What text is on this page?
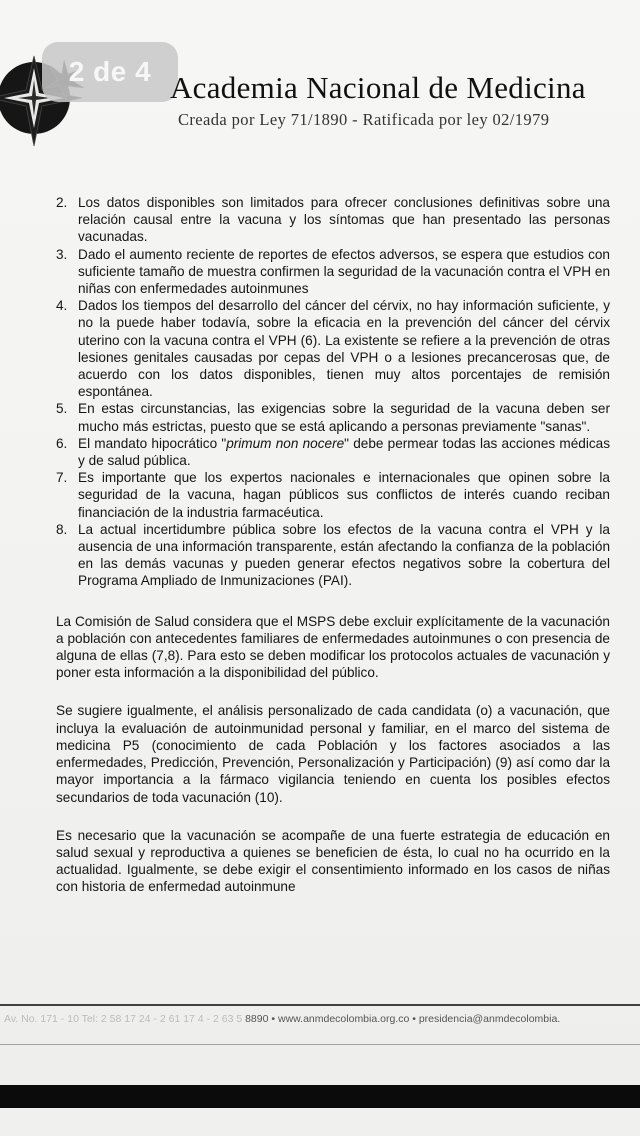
2 de 4 Academia Nacional de Medicina
Creada por Ley 71/1890 - Ratificada por ley 02/1979
2. Los datos disponibles son limitados para ofrecer conclusiones definitivas sobre una relación causal entre la vacuna y los síntomas que han presentado las personas vacunadas.
3. Dado el aumento reciente de reportes de efectos adversos, se espera que estudios con suficiente tamaño de muestra confirmen la seguridad de la vacunación contra el VPH en niñas con enfermedades autoinmunes
4. Dados los tiempos del desarrollo del cáncer del cérvix, no hay información suficiente, y no la puede haber todavía, sobre la eficacia en la prevención del cáncer del cérvix uterino con la vacuna contra el VPH (6). La existente se refiere a la prevención de otras lesiones genitales causadas por cepas del VPH o a lesiones precancerosas que, de acuerdo con los datos disponibles, tienen muy altos porcentajes de remisión espontánea.
5. En estas circunstancias, las exigencias sobre la seguridad de la vacuna deben ser mucho más estrictas, puesto que se está aplicando a personas previamente "sanas".
6. El mandato hipocrático "primum non nocere" debe permear todas las acciones médicas y de salud pública.
7. Es importante que los expertos nacionales e internacionales que opinen sobre la seguridad de la vacuna, hagan públicos sus conflictos de interés cuando reciban financiación de la industria farmacéutica.
8. La actual incertidumbre pública sobre los efectos de la vacuna contra el VPH y la ausencia de una información transparente, están afectando la confianza de la población en las demás vacunas y pueden generar efectos negativos sobre la cobertura del Programa Ampliado de Inmunizaciones (PAI).

La Comisión de Salud considera que el MSPS debe excluir explícitamente de la vacunación a población con antecedentes familiares de enfermedades autoinmunes o con presencia de alguna de ellas (7,8). Para esto se deben modificar los protocolos actuales de vacunación y poner esta información a la disponibilidad del público.

Se sugiere igualmente, el análisis personalizado de cada candidata (o) a vacunación, que incluya la evaluación de autoinmunidad personal y familiar, en el marco del sistema de medicina P5 (conocimiento de cada Población y los factores asociados a las enfermedades, Predicción, Prevención, Personalización y Participación) (9) así como dar la mayor importancia a la fármaco vigilancia teniendo en cuenta los posibles efectos secundarios de toda vacunación (10).

Es necesario que la vacunación se acompañe de una fuerte estrategia de educación en salud sexual y reproductiva a quienes se beneficien de ésta, lo cual no ha ocurrido en la actualidad. Igualmente, se debe exigir el consentimiento informado en los casos de niñas con historia de enfermedad autoinmune

Av. No. 171 - 10 Tel: 2 58 17 24 - 2 61 17 4 - 2 63 5 8890 • www.anmdecolombia.org.co • presidencia@anmdecolombia.
